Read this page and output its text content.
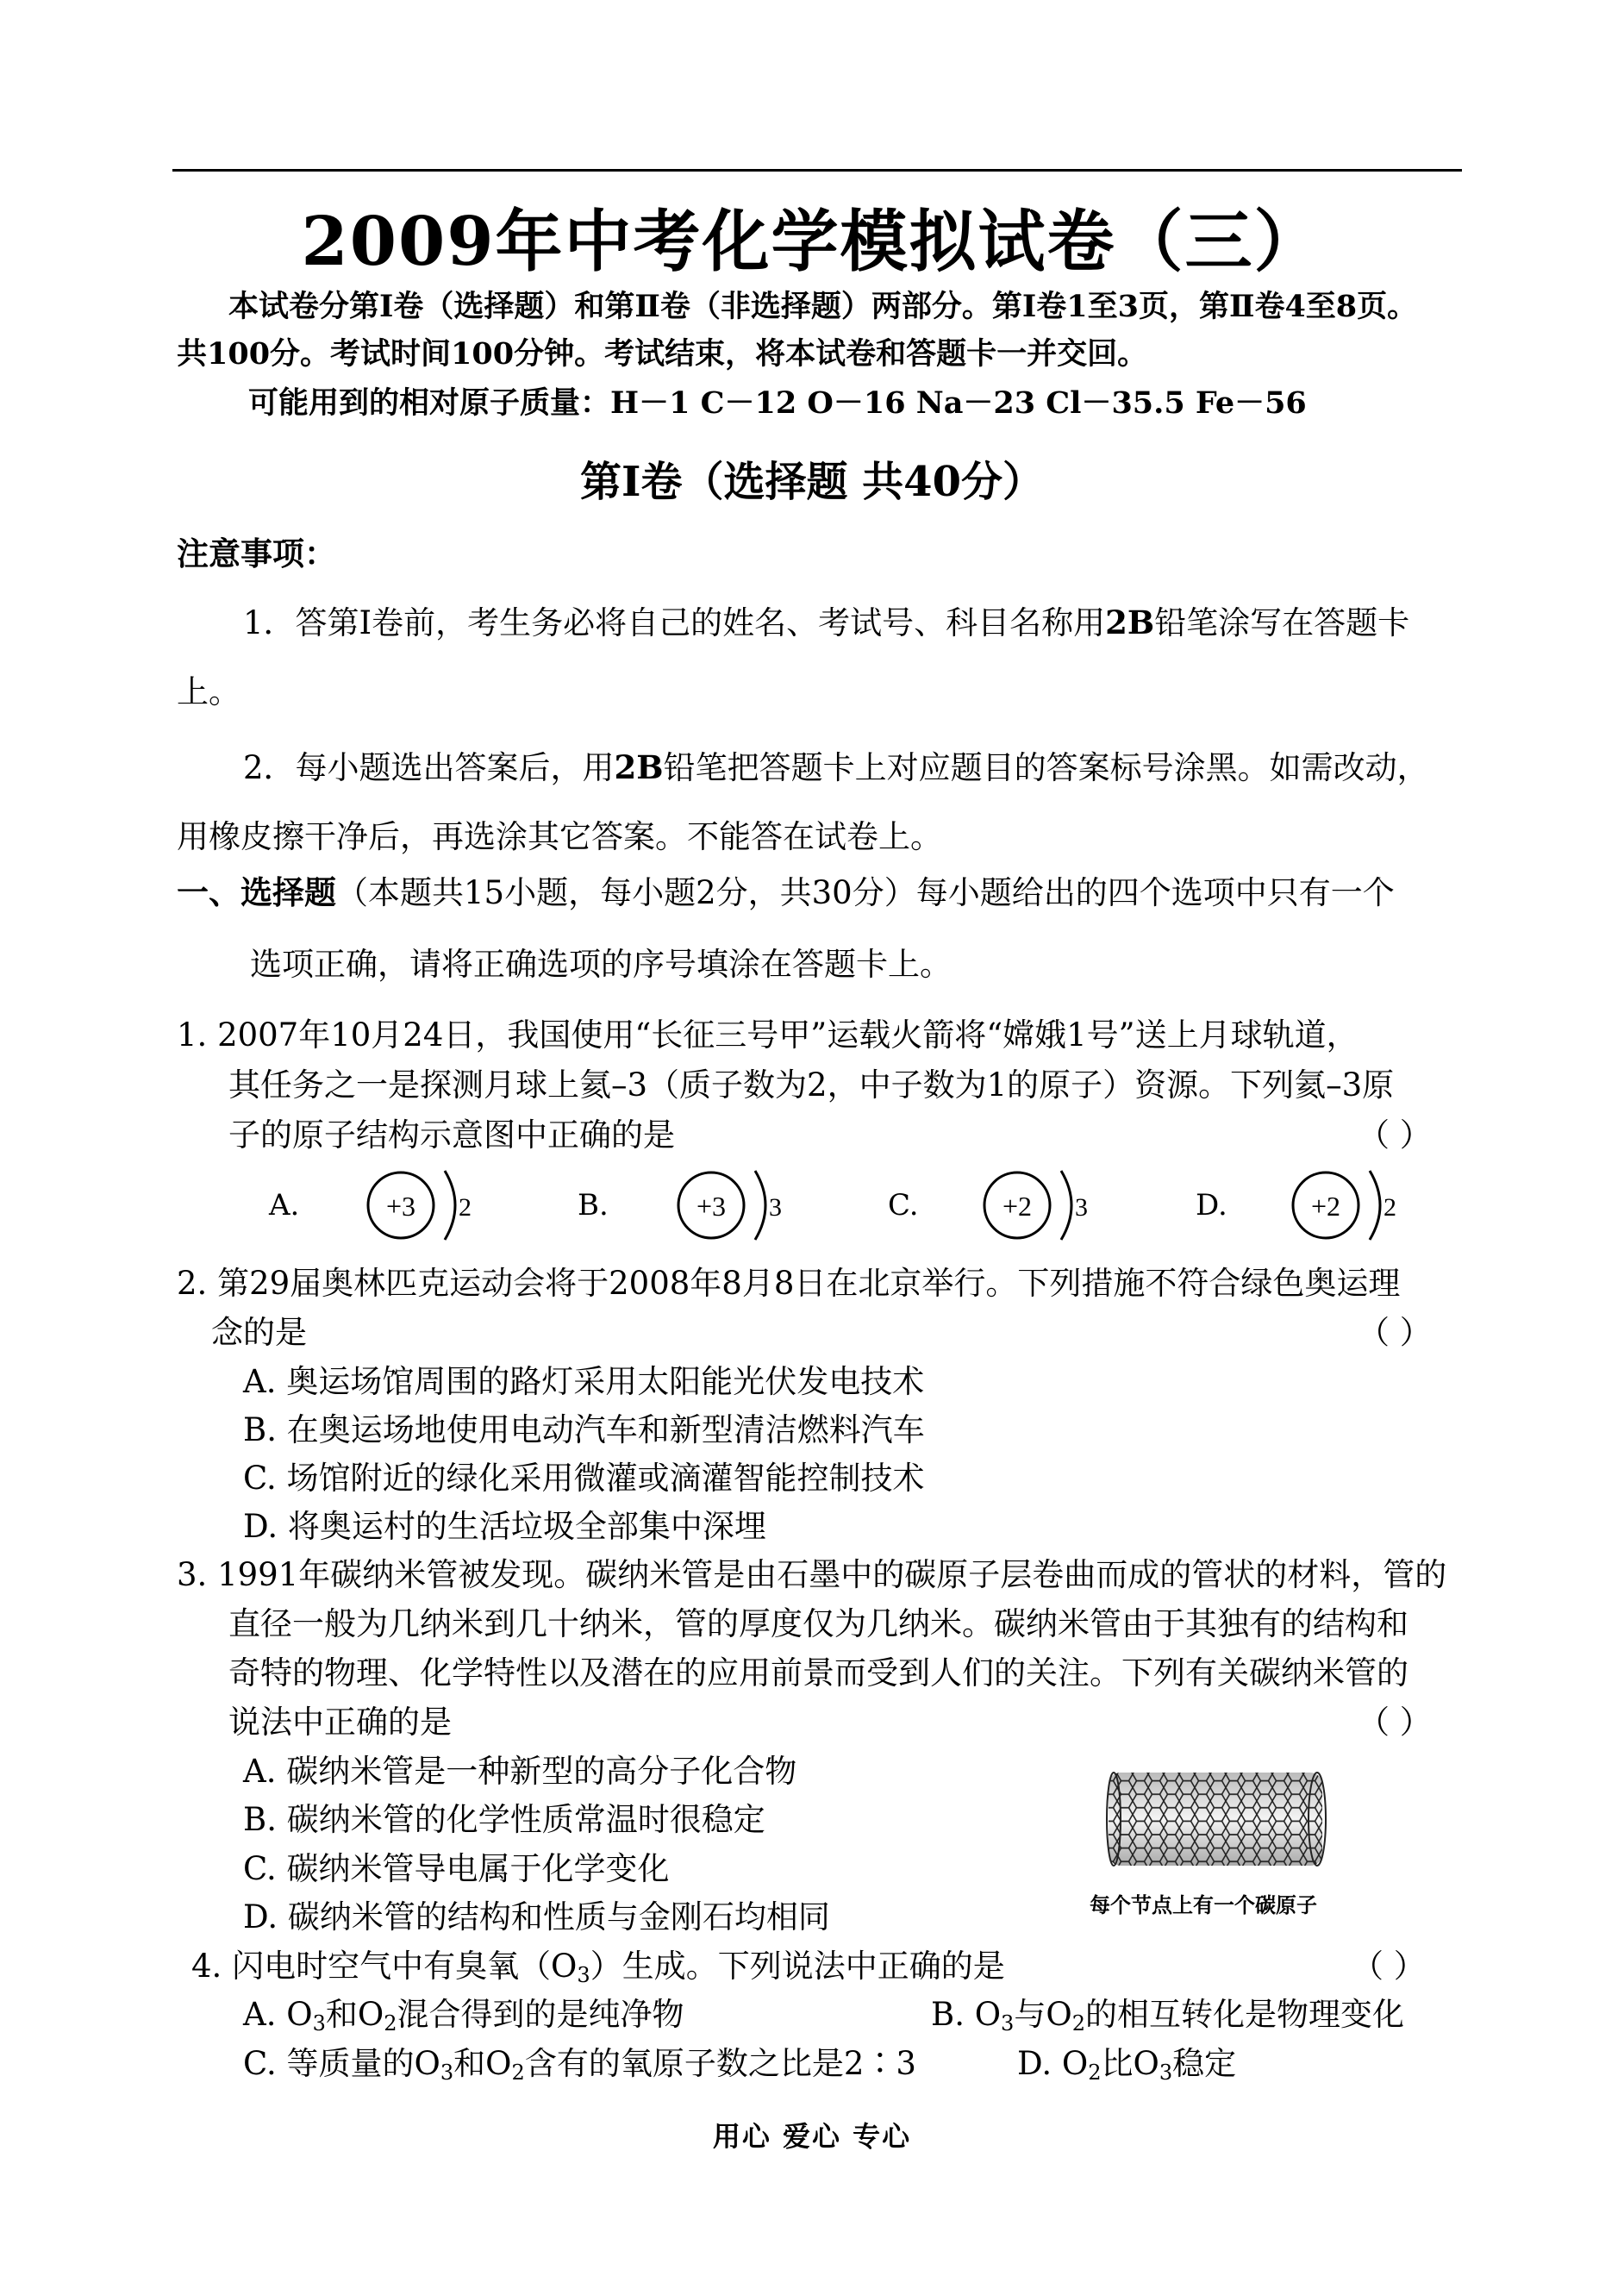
2009年中考化学模拟试卷（三）
本试卷分第Ⅰ卷（选择题）和第Ⅱ卷（非选择题）两部分。第Ⅰ卷1至3页，第Ⅱ卷4至8页。
共100分。考试时间100分钟。考试结束，将本试卷和答题卡一并交回。
可能用到的相对原子质量：H－1 C－12 O－16 Na－23 Cl－35.5 Fe－56
第Ⅰ卷（选择题 共40分）
注意事项：
1．答第Ⅰ卷前，考生务必将自己的姓名、考试号、科目名称用2B铅笔涂写在答题卡
上。
2．每小题选出答案后，用2B铅笔把答题卡上对应题目的答案标号涂黑。如需改动，
用橡皮擦干净后，再选涂其它答案。不能答在试卷上。
一、选择题（本题共15小题，每小题2分，共30分）每小题给出的四个选项中只有一个
选项正确，请将正确选项的序号填涂在答题卡上。
1. 2007年10月24日，我国使用“长征三号甲”运载火箭将“嫦娥1号”送上月球轨道，
其任务之一是探测月球上氦–3（质子数为2，中子数为1的原子）资源。下列氦–3原
子的原子结构示意图中正确的是	（ ）
A.	+3 2	B.	+3 3	C.	+2 3	D.	+2 2
2. 第29届奥林匹克运动会将于2008年8月8日在北京举行。下列措施不符合绿色奥运理
念的是	（ ）
A. 奥运场馆周围的路灯采用太阳能光伏发电技术
B. 在奥运场地使用电动汽车和新型清洁燃料汽车
C. 场馆附近的绿化采用微灌或滴灌智能控制技术
D. 将奥运村的生活垃圾全部集中深埋
3. 1991年碳纳米管被发现。碳纳米管是由石墨中的碳原子层卷曲而成的管状的材料，管的
直径一般为几纳米到几十纳米，管的厚度仅为几纳米。碳纳米管由于其独有的结构和
奇特的物理、化学特性以及潜在的应用前景而受到人们的关注。下列有关碳纳米管的
说法中正确的是	（ ）
A. 碳纳米管是一种新型的高分子化合物
B. 碳纳米管的化学性质常温时很稳定
C. 碳纳米管导电属于化学变化
D. 碳纳米管的结构和性质与金刚石均相同	每个节点上有一个碳原子
4. 闪电时空气中有臭氧$(O_3)$生成。下列说法中正确的是	（ ）
A. $O_3$和$O_2$混合得到的是纯净物	B. $O_3$与$O_2$的相互转化是物理变化
C. 等质量的$O_3$和$O_2$含有的氧原子数之比是2∶3	D. $O_2$比$O_3$稳定
用心 爱心 专心
